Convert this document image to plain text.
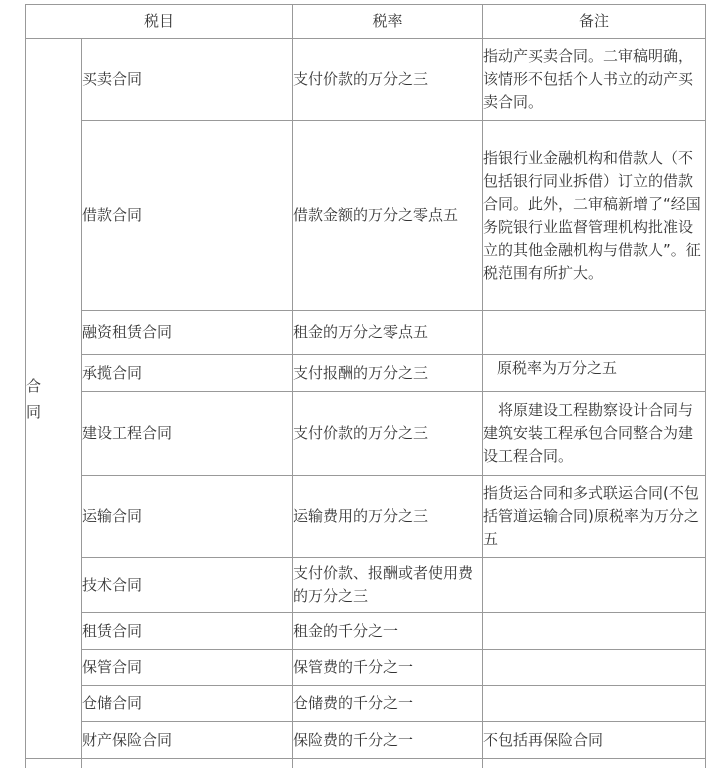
税目		税率	备注

合同	买卖合同	支付价款的万分之三	指动产买卖合同。二审稿明确，该情形不包括个人书立的动产买卖合同。
	借款合同	借款金额的万分之零点五	指银行业金融机构和借款人（不包括银行同业拆借）订立的借款合同。此外，二审稿新增了“经国务院银行业监督管理机构批准设立的其他金融机构与借款人”。征税范围有所扩大。
	融资租赁合同	租金的万分之零点五	
	承揽合同	支付报酬的万分之三	原税率为万分之五
	建设工程合同	支付价款的万分之三	将原建设工程勘察设计合同与建筑安装工程承包合同整合为建设工程合同。
	运输合同	运输费用的万分之三	指货运合同和多式联运合同(不包括管道运输合同)原税率为万分之五
	技术合同	支付价款、报酬或者使用费的万分之三	
	租赁合同	租金的千分之一	
	保管合同	保管费的千分之一	
	仓储合同	仓储费的千分之一	
	财产保险合同	保险费的千分之一	不包括再保险合同
